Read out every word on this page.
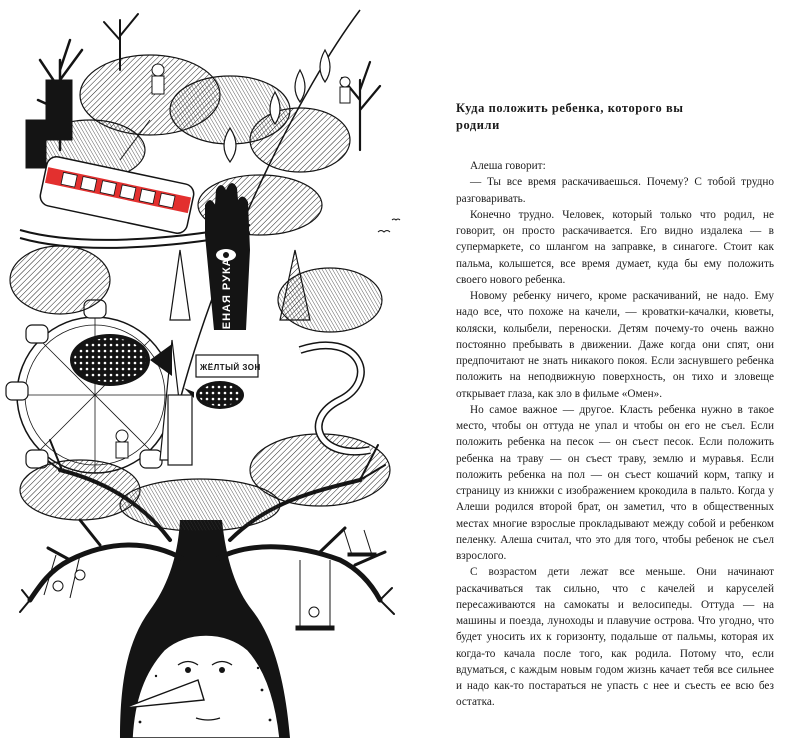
ЧЕНАЯ РУКА
ЖЁЛТЫЙ ЗОН
Куда положить ребенка, которого вы родили

Алеша говорит:

— Ты все время раскачиваешься. Почему? С тобой трудно разговаривать.

Конечно трудно. Человек, который только что родил, не говорит, он просто раскачивается. Его видно издалека — в супермаркете, со шлангом на заправке, в синагоге. Стоит как пальма, колышется, все время думает, куда бы ему положить своего нового ребенка.

Новому ребенку ничего, кроме раскачиваний, не надо. Ему надо все, что похоже на качели, — кроватки-качалки, кюветы, коляски, колыбели, переноски. Детям почему-то очень важно постоянно пребывать в движении. Даже когда они спят, они предпочитают не знать никакого покоя. Если заснувшего ребенка положить на неподвижную поверхность, он тихо и зловеще открывает глаза, как зло в фильме «Омен».

Но самое важное — другое. Класть ребенка нужно в такое место, чтобы он оттуда не упал и чтобы он его не съел. Если положить ребенка на песок — он съест песок. Если положить ребенка на траву — он съест траву, землю и муравья. Если положить ребенка на пол — он съест кошачий корм, тапку и страницу из книжки с изображением крокодила в пальто. Когда у Алеши родился второй брат, он заметил, что в общественных местах многие взрослые прокладывают между собой и ребенком пеленку. Алеша считал, что это для того, чтобы ребенок не съел взрослого.

С возрастом дети лежат все меньше. Они начинают раскачиваться так сильно, что с качелей и каруселей пересаживаются на самокаты и велосипеды. Оттуда — на машины и поезда, луноходы и плавучие острова. Что угодно, что будет уносить их к горизонту, подальше от пальмы, которая их когда-то качала после того, как родила. Потому что, если вдуматься, с каждым новым годом жизнь качает тебя все сильнее и надо как-то постараться не упасть с нее и съесть ее всю без остатка.
